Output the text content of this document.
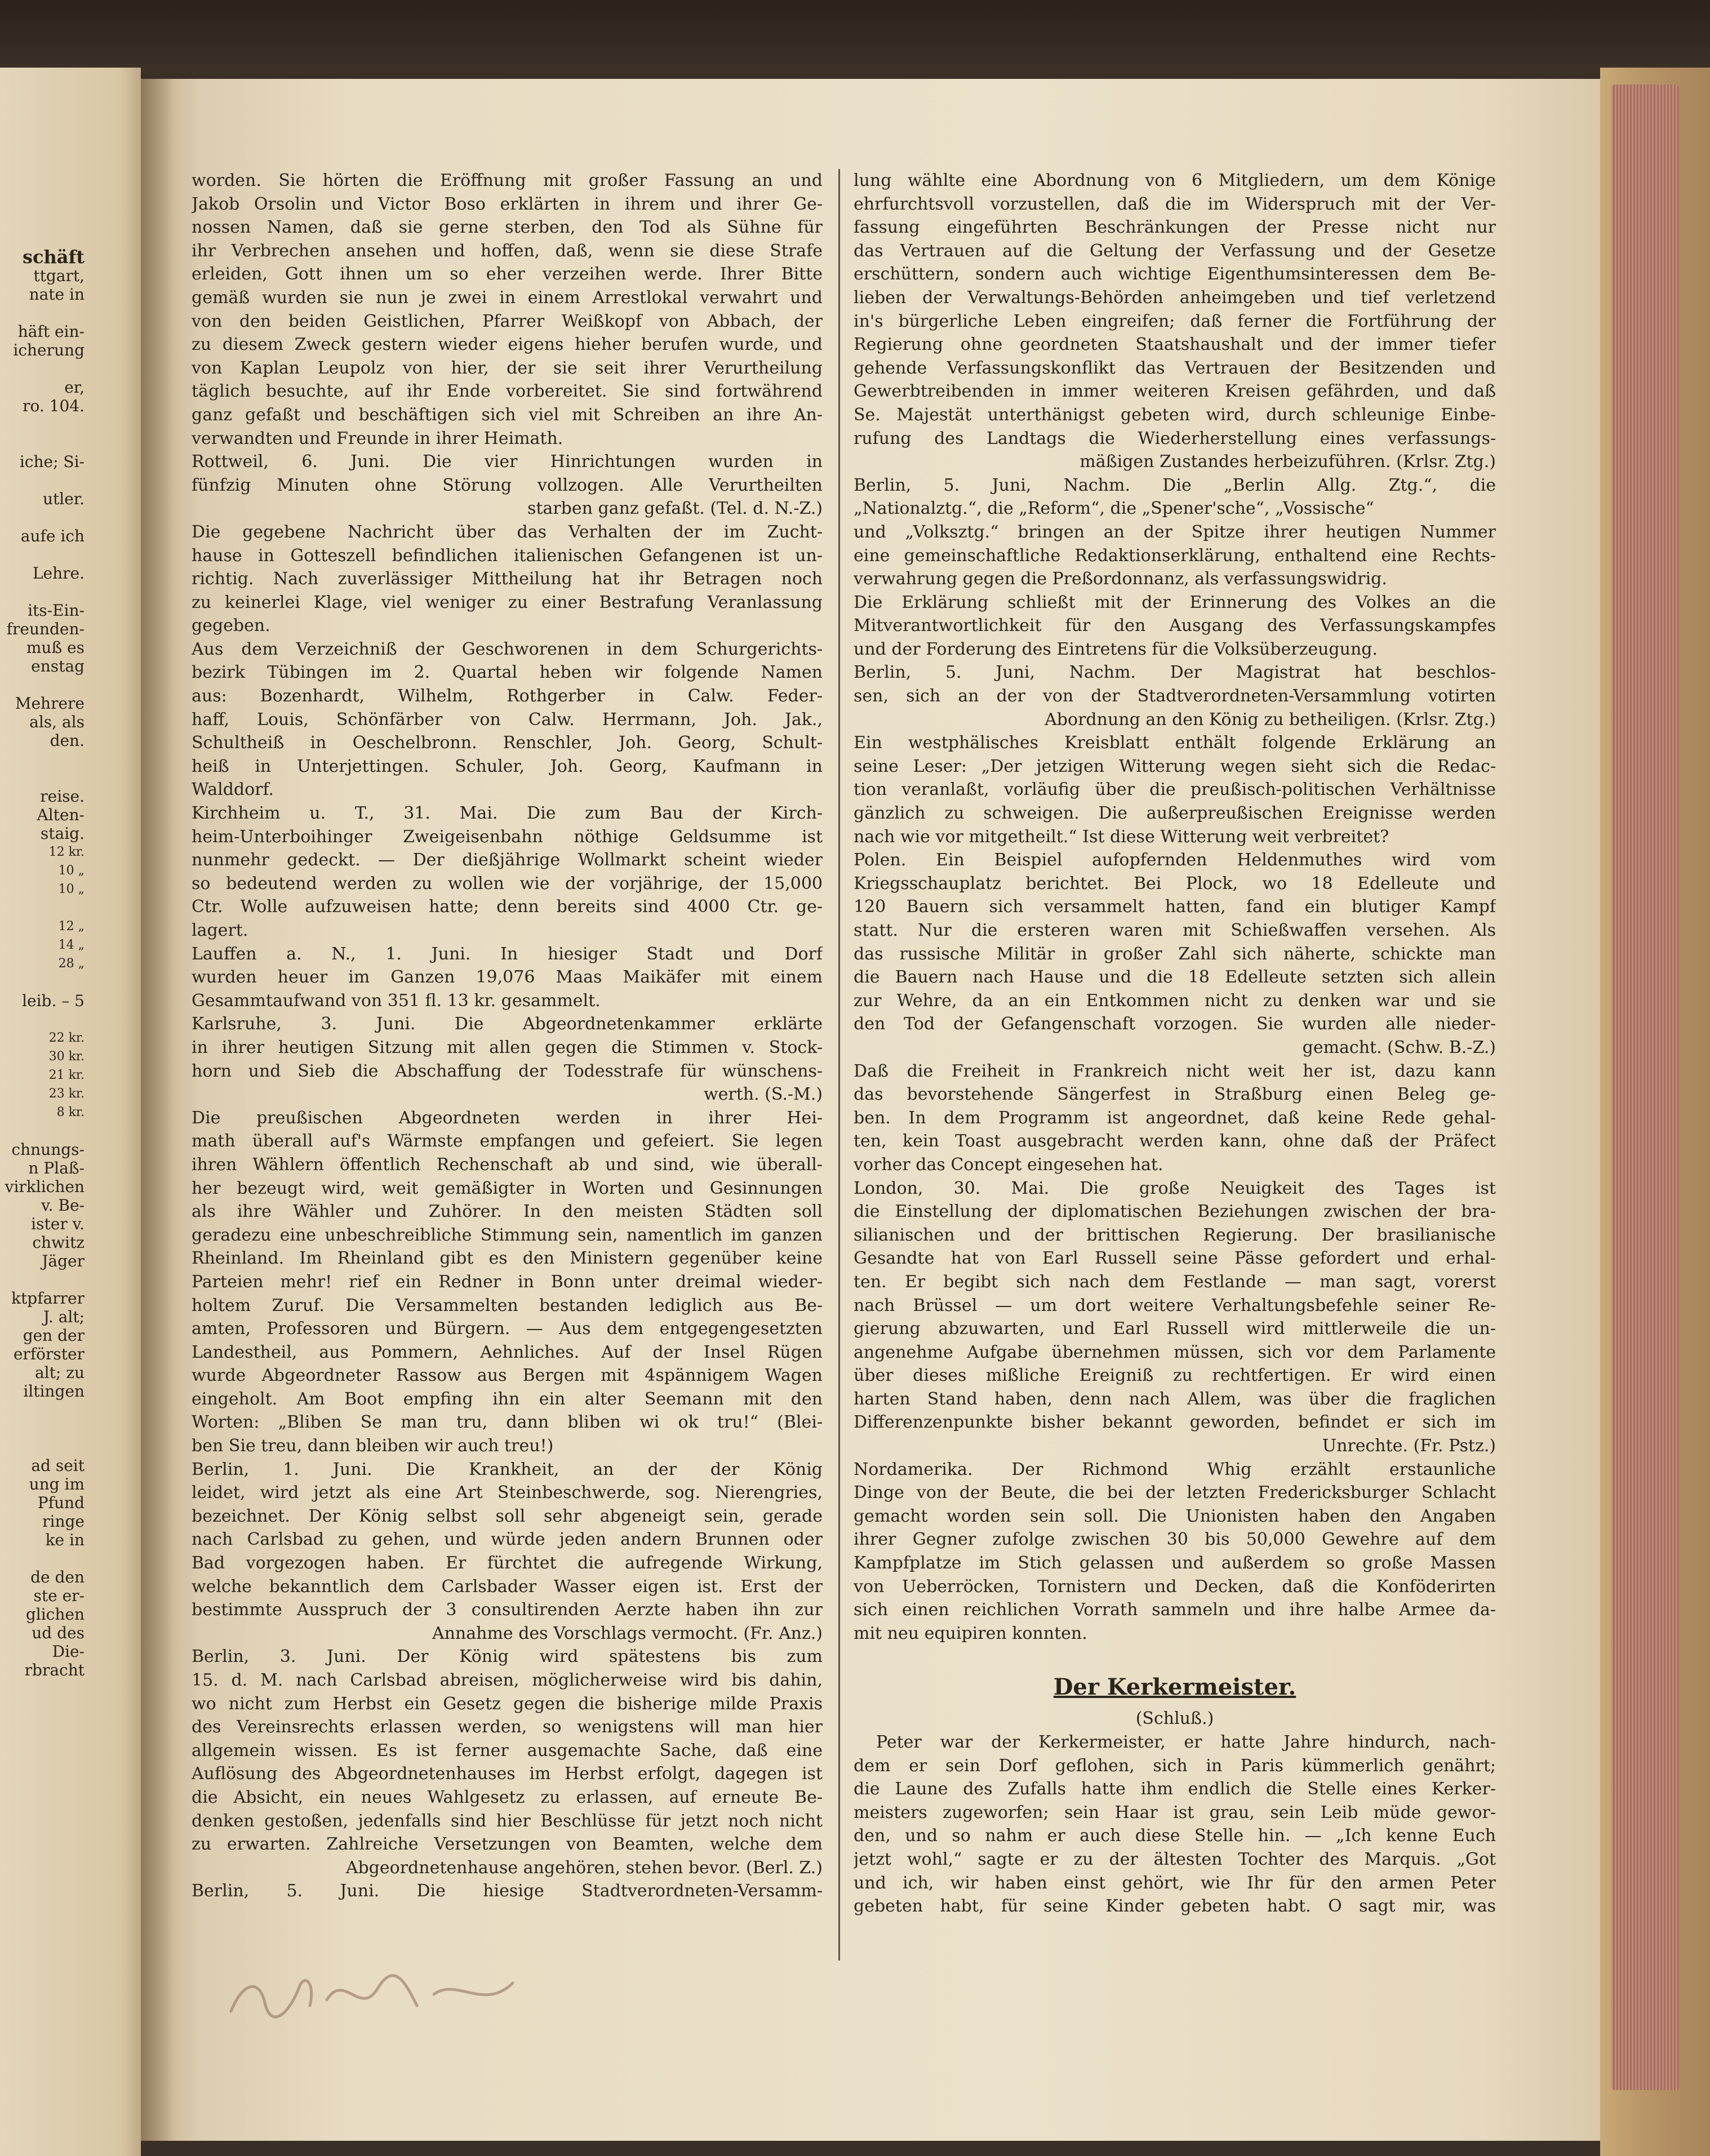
schäft

ttgart,

nate in

häft ein-

icherung

er,

ro. 104.

iche; Si-

utler.

aufe ich

Lehre.

its-Ein-

freunden-

muß es

enstag

Mehrere

als, als

den.

reise.

Alten-

staig.

12 kr.

10 „

10 „

12 „

14 „

28 „

leib. – 5

22 kr.

30 kr.

21 kr.

23 kr.

8 kr.

chnungs-

n Plaß-

virklichen

v. Be-

ister v.

chwitz

Jäger

ktpfarrer

J. alt;

gen der

erförster

alt; zu

iltingen

ad seit

ung im

Pfund

ringe

ke in

de den

ste er-

glichen

ud des

Die-

rbracht

worden. Sie hörten die Eröffnung mit großer Fassung an und

Jakob Orsolin und Victor Boso erklärten in ihrem und ihrer Ge-

nossen Namen, daß sie gerne sterben, den Tod als Sühne für

ihr Verbrechen ansehen und hoffen, daß, wenn sie diese Strafe

erleiden, Gott ihnen um so eher verzeihen werde. Ihrer Bitte

gemäß wurden sie nun je zwei in einem Arrestlokal verwahrt und

von den beiden Geistlichen, Pfarrer Weißkopf von Abbach, der

zu diesem Zweck gestern wieder eigens hieher berufen wurde, und

von Kaplan Leupolz von hier, der sie seit ihrer Verurtheilung

täglich besuchte, auf ihr Ende vorbereitet. Sie sind fortwährend

ganz gefaßt und beschäftigen sich viel mit Schreiben an ihre An-

verwandten und Freunde in ihrer Heimath.

Rottweil, 6. Juni. Die vier Hinrichtungen wurden in

fünfzig Minuten ohne Störung vollzogen. Alle Verurtheilten

starben ganz gefaßt. (Tel. d. N.-Z.)

Die gegebene Nachricht über das Verhalten der im Zucht-

hause in Gotteszell befindlichen italienischen Gefangenen ist un-

richtig. Nach zuverlässiger Mittheilung hat ihr Betragen noch

zu keinerlei Klage, viel weniger zu einer Bestrafung Veranlassung

gegeben.

Aus dem Verzeichniß der Geschworenen in dem Schurgerichts-

bezirk Tübingen im 2. Quartal heben wir folgende Namen

aus: Bozenhardt, Wilhelm, Rothgerber in Calw. Feder-

haff, Louis, Schönfärber von Calw. Herrmann, Joh. Jak.,

Schultheiß in Oeschelbronn. Renschler, Joh. Georg, Schult-

heiß in Unterjettingen. Schuler, Joh. Georg, Kaufmann in

Walddorf.

Kirchheim u. T., 31. Mai. Die zum Bau der Kirch-

heim-Unterboihinger Zweigeisenbahn nöthige Geldsumme ist

nunmehr gedeckt. — Der dießjährige Wollmarkt scheint wieder

so bedeutend werden zu wollen wie der vorjährige, der 15,000

Ctr. Wolle aufzuweisen hatte; denn bereits sind 4000 Ctr. ge-

lagert.

Lauffen a. N., 1. Juni. In hiesiger Stadt und Dorf

wurden heuer im Ganzen 19,076 Maas Maikäfer mit einem

Gesammtaufwand von 351 fl. 13 kr. gesammelt.

Karlsruhe, 3. Juni. Die Abgeordnetenkammer erklärte

in ihrer heutigen Sitzung mit allen gegen die Stimmen v. Stock-

horn und Sieb die Abschaffung der Todesstrafe für wünschens-

werth. (S.-M.)

Die preußischen Abgeordneten werden in ihrer Hei-

math überall auf's Wärmste empfangen und gefeiert. Sie legen

ihren Wählern öffentlich Rechenschaft ab und sind, wie überall-

her bezeugt wird, weit gemäßigter in Worten und Gesinnungen

als ihre Wähler und Zuhörer. In den meisten Städten soll

geradezu eine unbeschreibliche Stimmung sein, namentlich im ganzen

Rheinland. Im Rheinland gibt es den Ministern gegenüber keine

Parteien mehr! rief ein Redner in Bonn unter dreimal wieder-

holtem Zuruf. Die Versammelten bestanden lediglich aus Be-

amten, Professoren und Bürgern. — Aus dem entgegengesetzten

Landestheil, aus Pommern, Aehnliches. Auf der Insel Rügen

wurde Abgeordneter Rassow aus Bergen mit 4spännigem Wagen

eingeholt. Am Boot empfing ihn ein alter Seemann mit den

Worten: „Bliben Se man tru, dann bliben wi ok tru!“ (Blei-

ben Sie treu, dann bleiben wir auch treu!)

Berlin, 1. Juni. Die Krankheit, an der der König

leidet, wird jetzt als eine Art Steinbeschwerde, sog. Nierengries,

bezeichnet. Der König selbst soll sehr abgeneigt sein, gerade

nach Carlsbad zu gehen, und würde jeden andern Brunnen oder

Bad vorgezogen haben. Er fürchtet die aufregende Wirkung,

welche bekanntlich dem Carlsbader Wasser eigen ist. Erst der

bestimmte Ausspruch der 3 consultirenden Aerzte haben ihn zur

Annahme des Vorschlags vermocht. (Fr. Anz.)

Berlin, 3. Juni. Der König wird spätestens bis zum

15. d. M. nach Carlsbad abreisen, möglicherweise wird bis dahin,

wo nicht zum Herbst ein Gesetz gegen die bisherige milde Praxis

des Vereinsrechts erlassen werden, so wenigstens will man hier

allgemein wissen. Es ist ferner ausgemachte Sache, daß eine

Auflösung des Abgeordnetenhauses im Herbst erfolgt, dagegen ist

die Absicht, ein neues Wahlgesetz zu erlassen, auf erneute Be-

denken gestoßen, jedenfalls sind hier Beschlüsse für jetzt noch nicht

zu erwarten. Zahlreiche Versetzungen von Beamten, welche dem

Abgeordnetenhause angehören, stehen bevor. (Berl. Z.)

Berlin, 5. Juni. Die hiesige Stadtverordneten-Versamm-

lung wählte eine Abordnung von 6 Mitgliedern, um dem Könige

ehrfurchtsvoll vorzustellen, daß die im Widerspruch mit der Ver-

fassung eingeführten Beschränkungen der Presse nicht nur

das Vertrauen auf die Geltung der Verfassung und der Gesetze

erschüttern, sondern auch wichtige Eigenthumsinteressen dem Be-

lieben der Verwaltungs-Behörden anheimgeben und tief verletzend

in's bürgerliche Leben eingreifen; daß ferner die Fortführung der

Regierung ohne geordneten Staatshaushalt und der immer tiefer

gehende Verfassungskonflikt das Vertrauen der Besitzenden und

Gewerbtreibenden in immer weiteren Kreisen gefährden, und daß

Se. Majestät unterthänigst gebeten wird, durch schleunige Einbe-

rufung des Landtags die Wiederherstellung eines verfassungs-

mäßigen Zustandes herbeizuführen. (Krlsr. Ztg.)

Berlin, 5. Juni, Nachm. Die „Berlin Allg. Ztg.“, die

„Nationalztg.“, die „Reform“, die „Spener'sche“, „Vossische“

und „Volksztg.“ bringen an der Spitze ihrer heutigen Nummer

eine gemeinschaftliche Redaktionserklärung, enthaltend eine Rechts-

verwahrung gegen die Preßordonnanz, als verfassungswidrig.

Die Erklärung schließt mit der Erinnerung des Volkes an die

Mitverantwortlichkeit für den Ausgang des Verfassungskampfes

und der Forderung des Eintretens für die Volksüberzeugung.

Berlin, 5. Juni, Nachm. Der Magistrat hat beschlos-

sen, sich an der von der Stadtverordneten-Versammlung votirten

Abordnung an den König zu betheiligen. (Krlsr. Ztg.)

Ein westphälisches Kreisblatt enthält folgende Erklärung an

seine Leser: „Der jetzigen Witterung wegen sieht sich die Redac-

tion veranlaßt, vorläufig über die preußisch-politischen Verhältnisse

gänzlich zu schweigen. Die außerpreußischen Ereignisse werden

nach wie vor mitgetheilt.“ Ist diese Witterung weit verbreitet?

Polen. Ein Beispiel aufopfernden Heldenmuthes wird vom

Kriegsschauplatz berichtet. Bei Plock, wo 18 Edelleute und

120 Bauern sich versammelt hatten, fand ein blutiger Kampf

statt. Nur die ersteren waren mit Schießwaffen versehen. Als

das russische Militär in großer Zahl sich näherte, schickte man

die Bauern nach Hause und die 18 Edelleute setzten sich allein

zur Wehre, da an ein Entkommen nicht zu denken war und sie

den Tod der Gefangenschaft vorzogen. Sie wurden alle nieder-

gemacht. (Schw. B.-Z.)

Daß die Freiheit in Frankreich nicht weit her ist, dazu kann

das bevorstehende Sängerfest in Straßburg einen Beleg ge-

ben. In dem Programm ist angeordnet, daß keine Rede gehal-

ten, kein Toast ausgebracht werden kann, ohne daß der Präfect

vorher das Concept eingesehen hat.

London, 30. Mai. Die große Neuigkeit des Tages ist

die Einstellung der diplomatischen Beziehungen zwischen der bra-

silianischen und der brittischen Regierung. Der brasilianische

Gesandte hat von Earl Russell seine Pässe gefordert und erhal-

ten. Er begibt sich nach dem Festlande — man sagt, vorerst

nach Brüssel — um dort weitere Verhaltungsbefehle seiner Re-

gierung abzuwarten, und Earl Russell wird mittlerweile die un-

angenehme Aufgabe übernehmen müssen, sich vor dem Parlamente

über dieses mißliche Ereigniß zu rechtfertigen. Er wird einen

harten Stand haben, denn nach Allem, was über die fraglichen

Differenzenpunkte bisher bekannt geworden, befindet er sich im

Unrechte. (Fr. Pstz.)

Nordamerika. Der Richmond Whig erzählt erstaunliche

Dinge von der Beute, die bei der letzten Fredericksburger Schlacht

gemacht worden sein soll. Die Unionisten haben den Angaben

ihrer Gegner zufolge zwischen 30 bis 50,000 Gewehre auf dem

Kampfplatze im Stich gelassen und außerdem so große Massen

von Ueberröcken, Tornistern und Decken, daß die Konföderirten

sich einen reichlichen Vorrath sammeln und ihre halbe Armee da-

mit neu equipiren konnten.

Der Kerkermeister.

(Schluß.)

Peter war der Kerkermeister, er hatte Jahre hindurch, nach-

dem er sein Dorf geflohen, sich in Paris kümmerlich genährt;

die Laune des Zufalls hatte ihm endlich die Stelle eines Kerker-

meisters zugeworfen; sein Haar ist grau, sein Leib müde gewor-

den, und so nahm er auch diese Stelle hin. — „Ich kenne Euch

jetzt wohl,“ sagte er zu der ältesten Tochter des Marquis. „Got

und ich, wir haben einst gehört, wie Ihr für den armen Peter

gebeten habt, für seine Kinder gebeten habt. O sagt mir, was
